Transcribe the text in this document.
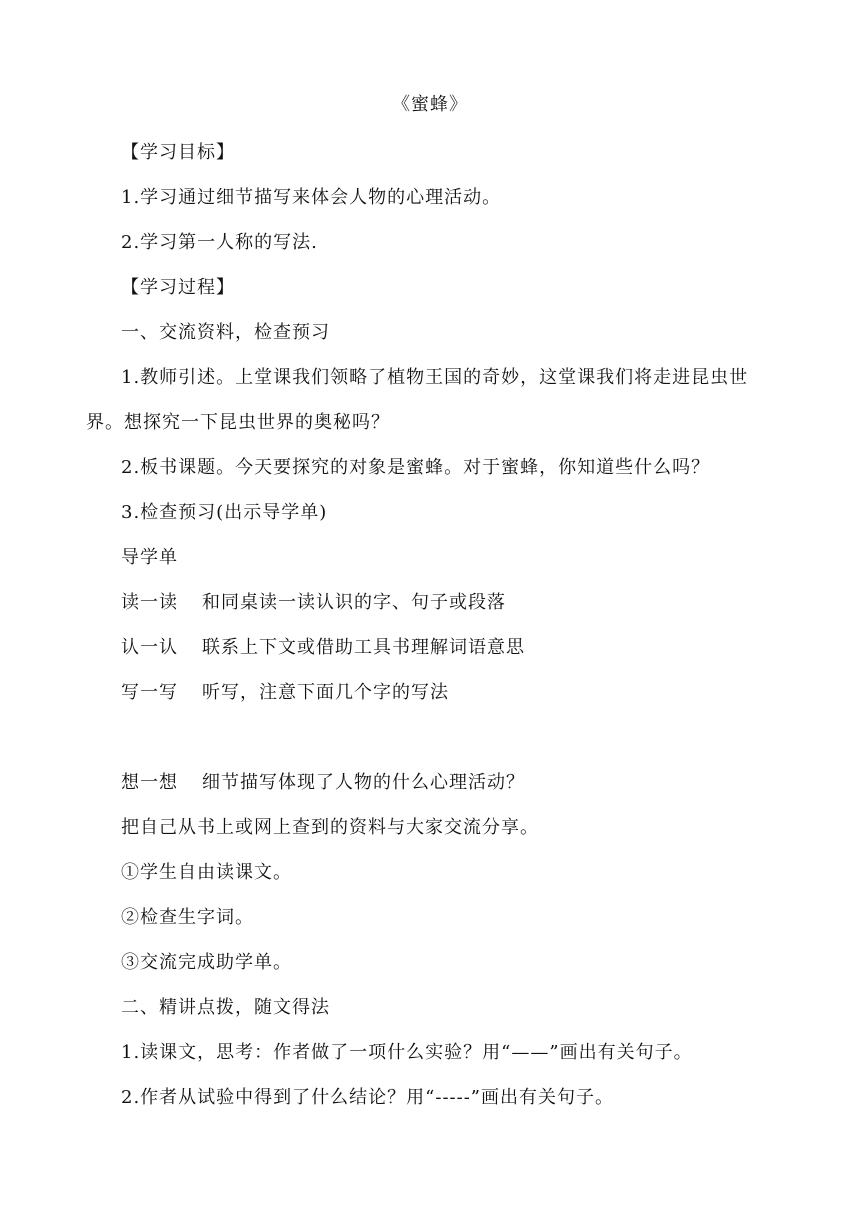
《蜜蜂》
【学习目标】
1.学习通过细节描写来体会人物的心理活动。
2.学习第一人称的写法.
【学习过程】
一、交流资料，检查预习
1.教师引述。上堂课我们领略了植物王国的奇妙，这堂课我们将走进昆虫世界。想探究一下昆虫世界的奥秘吗？
2.板书课题。今天要探究的对象是蜜蜂。对于蜜蜂，你知道些什么吗？
3.检查预习(出示导学单)
导学单
读一读 和同桌读一读认识的字、句子或段落
认一认 联系上下文或借助工具书理解词语意思
写一写 听写，注意下面几个字的写法
想一想 细节描写体现了人物的什么心理活动？
把自己从书上或网上查到的资料与大家交流分享。
①学生自由读课文。
②检查生字词。
③交流完成助学单。
二、精讲点拨，随文得法
1.读课文，思考：作者做了一项什么实验？用“——”画出有关句子。
2.作者从试验中得到了什么结论？用“-----”画出有关句子。
